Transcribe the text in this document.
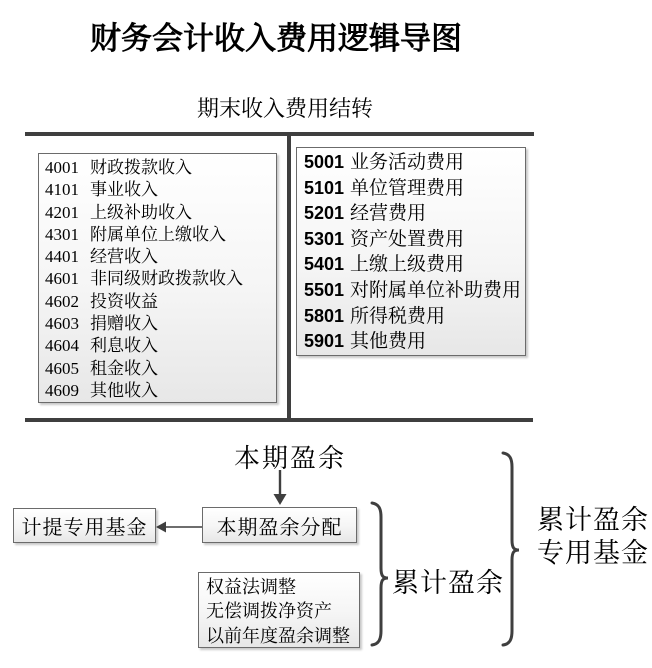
财务会计收入费用逻辑导图
期末收入费用结转
4001 财政拨款收入
4101 事业收入
4201 上级补助收入
4301 附属单位上缴收入
4401 经营收入
4601 非同级财政拨款收入
4602 投资收益
4603 捐赠收入
4604 利息收入
4605 租金收入
4609 其他收入
5001 业务活动费用
5101 单位管理费用
5201 经营费用
5301 资产处置费用
5401 上缴上级费用
5501 对附属单位补助费用
5801 所得税费用
5901 其他费用
本期盈余
本期盈余分配
计提专用基金
权益法调整
无偿调拨净资产
以前年度盈余调整
累计盈余
累计盈余
专用基金
